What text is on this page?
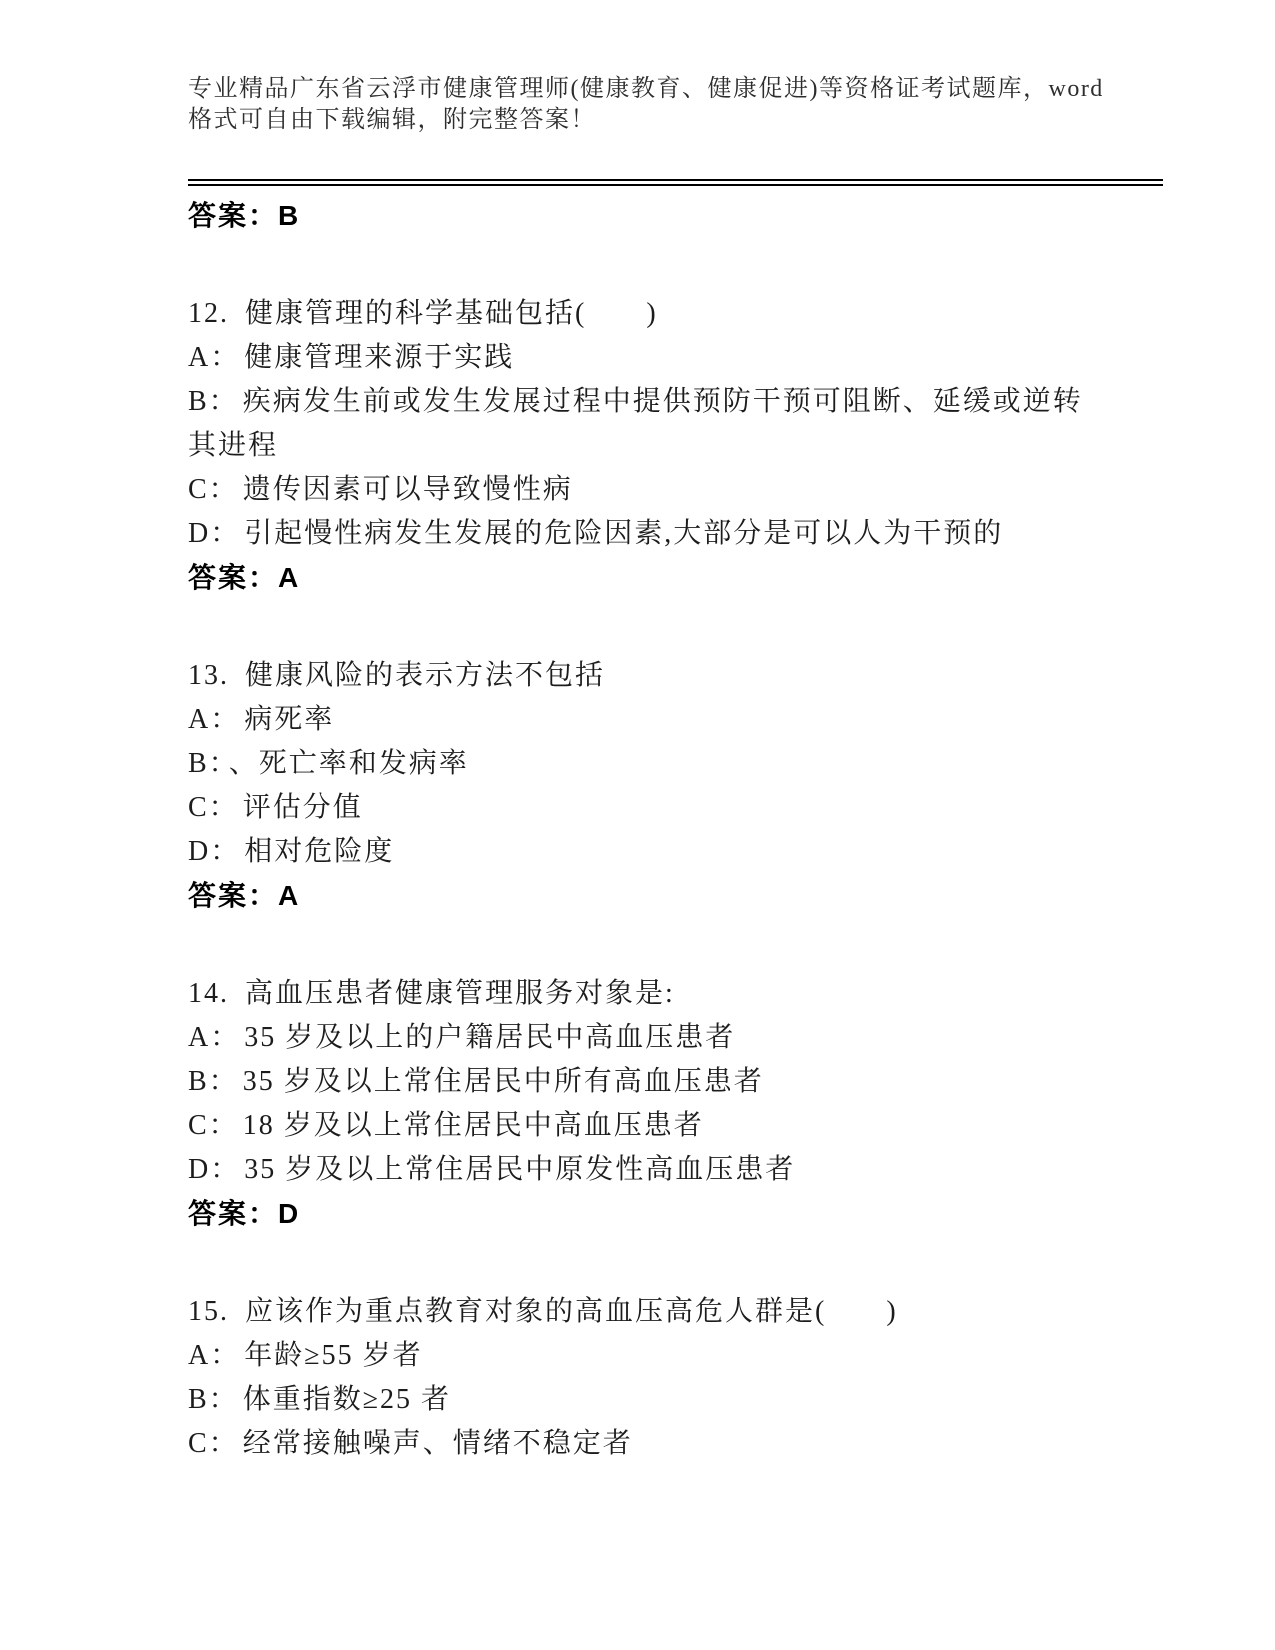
专业精品广东省云浮市健康管理师(健康教育、健康促进)等资格证考试题库，word
格式可自由下载编辑，附完整答案！

答案：B

12. 健康管理的科学基础包括(　　)

A： 健康管理来源于实践

B： 疾病发生前或发生发展过程中提供预防干预可阻断、延缓或逆转其进程

C： 遗传因素可以导致慢性病

D： 引起慢性病发生发展的危险因素,大部分是可以人为干预的

答案：A

13. 健康风险的表示方法不包括

A： 病死率

B： 、死亡率和发病率

C： 评估分值

D： 相对危险度

答案：A

14. 高血压患者健康管理服务对象是:

A： 35 岁及以上的户籍居民中高血压患者

B： 35 岁及以上常住居民中所有高血压患者

C： 18 岁及以上常住居民中高血压患者

D： 35 岁及以上常住居民中原发性高血压患者

答案：D

15. 应该作为重点教育对象的高血压高危人群是(　　)

A： 年龄≥55 岁者

B： 体重指数≥25 者

C： 经常接触噪声、情绪不稳定者
